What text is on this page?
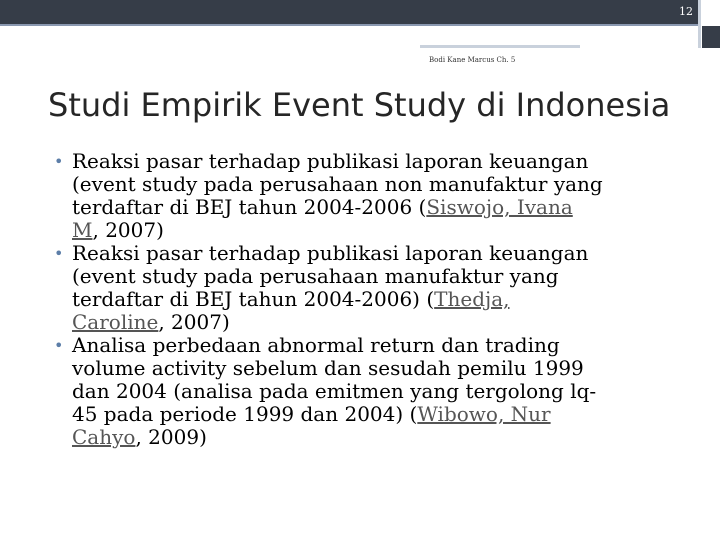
12
Bodi Kane Marcus Ch. 5
Studi Empirik Event Study di Indonesia
• Reaksi pasar terhadap publikasi laporan keuangan
(event study pada perusahaan non manufaktur yang
terdaftar di BEJ tahun 2004-2006 (Siswojo, Ivana
M, 2007)
• Reaksi pasar terhadap publikasi laporan keuangan
(event study pada perusahaan manufaktur yang
terdaftar di BEJ tahun 2004-2006) (Thedja,
Caroline, 2007)
• Analisa perbedaan abnormal return dan trading
volume activity sebelum dan sesudah pemilu 1999
dan 2004 (analisa pada emitmen yang tergolong lq-
45 pada periode 1999 dan 2004) (Wibowo, Nur
Cahyo, 2009)
